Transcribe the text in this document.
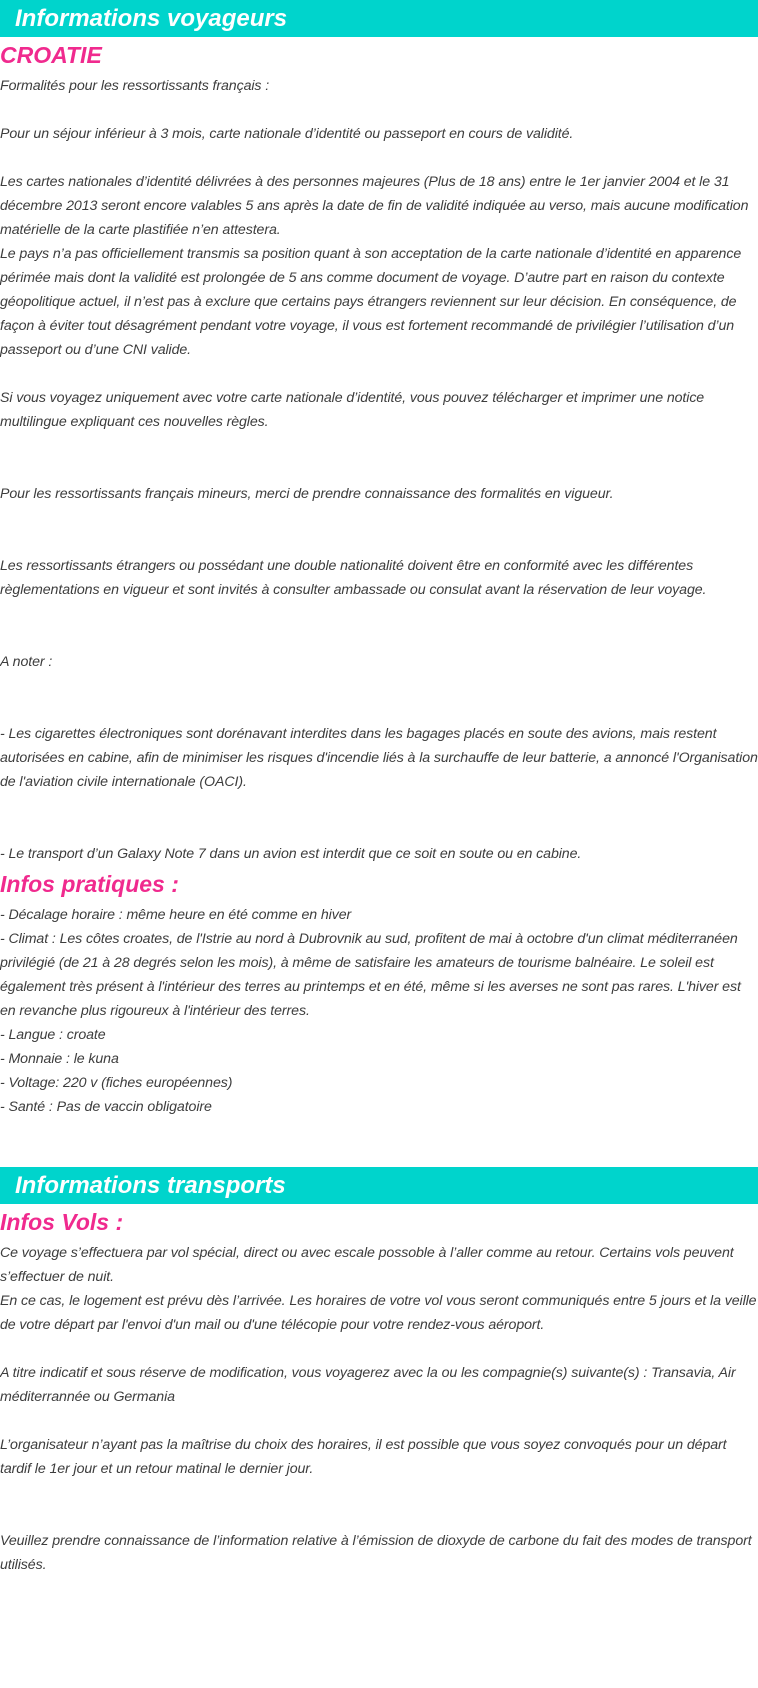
Informations voyageurs
CROATIE

Formalités pour les ressortissants français :

Pour un séjour inférieur à 3 mois, carte nationale d’identité ou passeport en cours de validité.

Les cartes nationales d’identité délivrées à des personnes majeures (Plus de 18 ans) entre le 1er janvier 2004 et le 31 décembre 2013 seront encore valables 5 ans après la date de fin de validité indiquée au verso, mais aucune modification matérielle de la carte plastifiée n’en attestera.

Le pays n’a pas officiellement transmis sa position quant à son acceptation de la carte nationale d’identité en apparence périmée mais dont la validité est prolongée de 5 ans comme document de voyage. D’autre part en raison du contexte géopolitique actuel, il n’est pas à exclure que certains pays étrangers reviennent sur leur décision. En conséquence, de façon à éviter tout désagrément pendant votre voyage, il vous est fortement recommandé de privilégier l’utilisation d’un passeport ou d’une CNI valide.

Si vous voyagez uniquement avec votre carte nationale d’identité, vous pouvez télécharger et imprimer une notice multilingue expliquant ces nouvelles règles.

Pour les ressortissants français mineurs, merci de prendre connaissance des formalités en vigueur.

Les ressortissants étrangers ou possédant une double nationalité doivent être en conformité avec les différentes règlementations en vigueur et sont invités à consulter ambassade ou consulat avant la réservation de leur voyage.

A noter :

- Les cigarettes électroniques sont dorénavant interdites dans les bagages placés en soute des avions, mais restent autorisées en cabine, afin de minimiser les risques d'incendie liés à la surchauffe de leur batterie, a annoncé l'Organisation de l'aviation civile internationale (OACI).

- Le transport d’un Galaxy Note 7 dans un avion est interdit que ce soit en soute ou en cabine.

Infos pratiques :

- Décalage horaire : même heure en été comme en hiver

- Climat : Les côtes croates, de l'Istrie au nord à Dubrovnik au sud, profitent de mai à octobre d'un climat méditerranéen privilégié (de 21 à 28 degrés selon les mois), à même de satisfaire les amateurs de tourisme balnéaire. Le soleil est également très présent à l'intérieur des terres au printemps et en été, même si les averses ne sont pas rares. L'hiver est en revanche plus rigoureux à l'intérieur des terres.

- Langue : croate

- Monnaie : le kuna

- Voltage: 220 v (fiches européennes)

- Santé : Pas de vaccin obligatoire

Informations transports
Infos Vols :

Ce voyage s’effectuera par vol spécial, direct ou avec escale possoble à l’aller comme au retour. Certains vols peuvent s’effectuer de nuit.

En ce cas, le logement est prévu dès l’arrivée. Les horaires de votre vol vous seront communiqués entre 5 jours et la veille de votre départ par l'envoi d'un mail ou d'une télécopie pour votre rendez-vous aéroport.

A titre indicatif et sous réserve de modification, vous voyagerez avec la ou les compagnie(s) suivante(s) : Transavia, Air méditerrannée ou Germania

L’organisateur n’ayant pas la maîtrise du choix des horaires, il est possible que vous soyez convoqués pour un départ tardif le 1er jour et un retour matinal le dernier jour.

Veuillez prendre connaissance de l’information relative à l’émission de dioxyde de carbone du fait des modes de transport utilisés.
